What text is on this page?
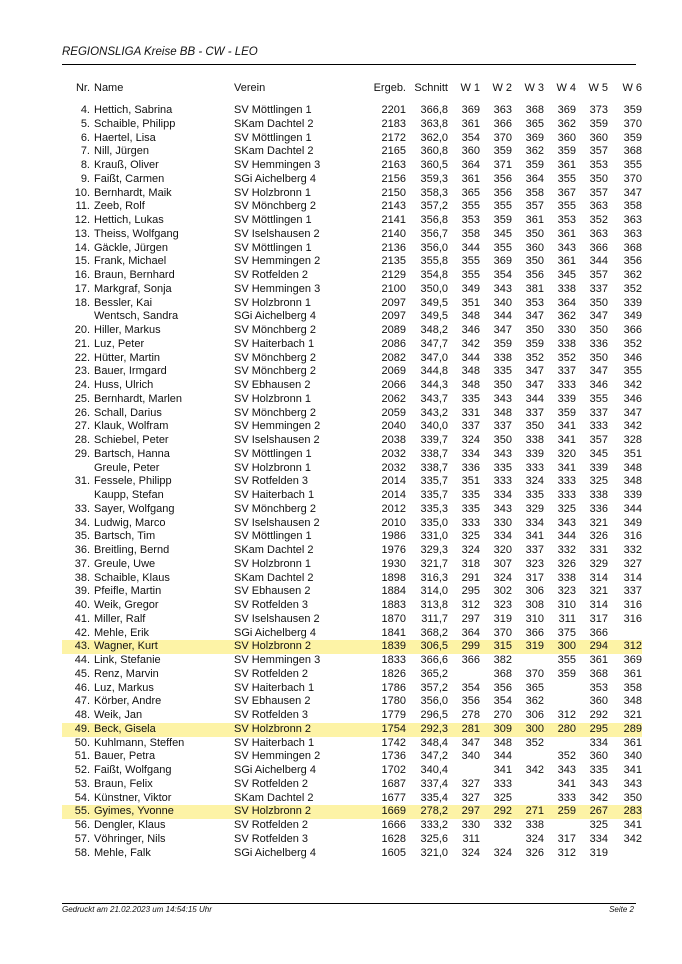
REGIONSLIGA Kreise BB - CW - LEO
Nr.	Name	Verein	Ergeb.	Schnitt	W 1	W 2	W 3	W 4	W 5	W 6
4.	Hettich, Sabrina	SV Möttlingen 1	2201	366,8	369	363	368	369	373	359
5.	Schaible, Philipp	SKam Dachtel 2	2183	363,8	361	366	365	362	359	370
6.	Haertel, Lisa	SV Möttlingen 1	2172	362,0	354	370	369	360	360	359
7.	Nill, Jürgen	SKam Dachtel 2	2165	360,8	360	359	362	359	357	368
8.	Krauß, Oliver	SV Hemmingen 3	2163	360,5	364	371	359	361	353	355
9.	Faißt, Carmen	SGi Aichelberg 4	2156	359,3	361	356	364	355	350	370
10.	Bernhardt, Maik	SV Holzbronn 1	2150	358,3	365	356	358	367	357	347
11.	Zeeb, Rolf	SV Mönchberg 2	2143	357,2	355	355	357	355	363	358
12.	Hettich, Lukas	SV Möttlingen 1	2141	356,8	353	359	361	353	352	363
13.	Theiss, Wolfgang	SV Iselshausen 2	2140	356,7	358	345	350	361	363	363
14.	Gäckle, Jürgen	SV Möttlingen 1	2136	356,0	344	355	360	343	366	368
15.	Frank, Michael	SV Hemmingen 2	2135	355,8	355	369	350	361	344	356
16.	Braun, Bernhard	SV Rotfelden 2	2129	354,8	355	354	356	345	357	362
17.	Markgraf, Sonja	SV Hemmingen 3	2100	350,0	349	343	381	338	337	352
18.	Bessler, Kai	SV Holzbronn 1	2097	349,5	351	340	353	364	350	339
	Wentsch, Sandra	SGi Aichelberg 4	2097	349,5	348	344	347	362	347	349
20.	Hiller, Markus	SV Mönchberg 2	2089	348,2	346	347	350	330	350	366
21.	Luz, Peter	SV Haiterbach 1	2086	347,7	342	359	359	338	336	352
22.	Hütter, Martin	SV Mönchberg 2	2082	347,0	344	338	352	352	350	346
23.	Bauer, Irmgard	SV Mönchberg 2	2069	344,8	348	335	347	337	347	355
24.	Huss, Ulrich	SV Ebhausen 2	2066	344,3	348	350	347	333	346	342
25.	Bernhardt, Marlen	SV Holzbronn 1	2062	343,7	335	343	344	339	355	346
26.	Schall, Darius	SV Mönchberg 2	2059	343,2	331	348	337	359	337	347
27.	Klauk, Wolfram	SV Hemmingen 2	2040	340,0	337	337	350	341	333	342
28.	Schiebel, Peter	SV Iselshausen 2	2038	339,7	324	350	338	341	357	328
29.	Bartsch, Hanna	SV Möttlingen 1	2032	338,7	334	343	339	320	345	351
	Greule, Peter	SV Holzbronn 1	2032	338,7	336	335	333	341	339	348
31.	Fessele, Philipp	SV Rotfelden 3	2014	335,7	351	333	324	333	325	348
	Kaupp, Stefan	SV Haiterbach 1	2014	335,7	335	334	335	333	338	339
33.	Sayer, Wolfgang	SV Mönchberg 2	2012	335,3	335	343	329	325	336	344
34.	Ludwig, Marco	SV Iselshausen 2	2010	335,0	333	330	334	343	321	349
35.	Bartsch, Tim	SV Möttlingen 1	1986	331,0	325	334	341	344	326	316
36.	Breitling, Bernd	SKam Dachtel 2	1976	329,3	324	320	337	332	331	332
37.	Greule, Uwe	SV Holzbronn 1	1930	321,7	318	307	323	326	329	327
38.	Schaible, Klaus	SKam Dachtel 2	1898	316,3	291	324	317	338	314	314
39.	Pfeifle, Martin	SV Ebhausen 2	1884	314,0	295	302	306	323	321	337
40.	Weik, Gregor	SV Rotfelden 3	1883	313,8	312	323	308	310	314	316
41.	Miller, Ralf	SV Iselshausen 2	1870	311,7	297	319	310	311	317	316
42.	Mehle, Erik	SGi Aichelberg 4	1841	368,2	364	370	366	375	366	
43.	Wagner, Kurt	SV Holzbronn 2	1839	306,5	299	315	319	300	294	312
44.	Link, Stefanie	SV Hemmingen 3	1833	366,6	366	382		355	361	369
45.	Renz, Marvin	SV Rotfelden 2	1826	365,2		368	370	359	368	361
46.	Luz, Markus	SV Haiterbach 1	1786	357,2	354	356	365		353	358
47.	Körber, Andre	SV Ebhausen 2	1780	356,0	356	354	362		360	348
48.	Weik, Jan	SV Rotfelden 3	1779	296,5	278	270	306	312	292	321
49.	Beck, Gisela	SV Holzbronn 2	1754	292,3	281	309	300	280	295	289
50.	Kuhlmann, Steffen	SV Haiterbach 1	1742	348,4	347	348	352		334	361
51.	Bauer, Petra	SV Hemmingen 2	1736	347,2	340	344		352	360	340
52.	Faißt, Wolfgang	SGi Aichelberg 4	1702	340,4		341	342	343	335	341
53.	Braun, Felix	SV Rotfelden 2	1687	337,4	327	333		341	343	343
54.	Künstner, Viktor	SKam Dachtel 2	1677	335,4	327	325		333	342	350
55.	Gyimes, Yvonne	SV Holzbronn 2	1669	278,2	297	292	271	259	267	283
56.	Dengler, Klaus	SV Rotfelden 2	1666	333,2	330	332	338		325	341
57.	Vöhringer, Nils	SV Rotfelden 3	1628	325,6	311		324	317	334	342
58.	Mehle, Falk	SGi Aichelberg 4	1605	321,0	324	324	326	312	319	
Gedruckt am 21.02.2023 um 14:54:15 Uhr	Seite 2
